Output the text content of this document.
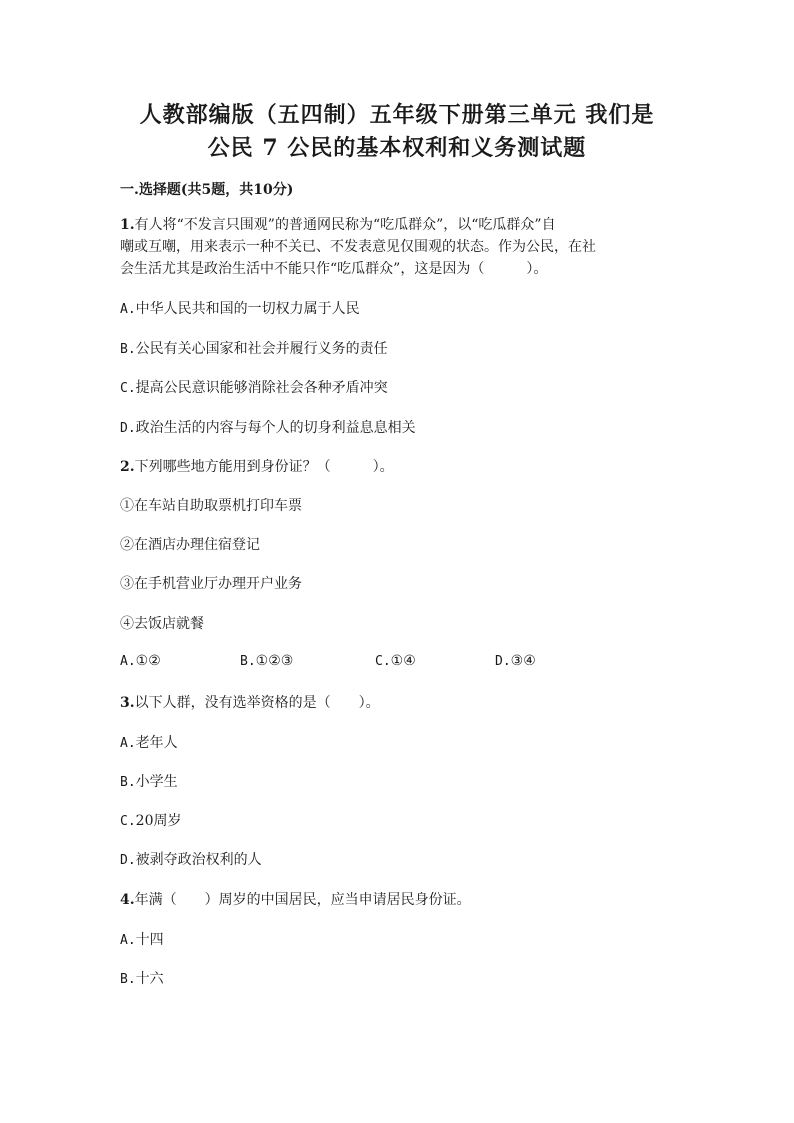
人教部编版（五四制）五年级下册第三单元 我们是
公民 7 公民的基本权利和义务测试题

一.选择题(共5题，共10分)

1.有人将“不发言只围观”的普通网民称为“吃瓜群众”，以“吃瓜群众”自
嘲或互嘲，用来表示一种不关已、不发表意见仅围观的状态。作为公民，在社
会生活尤其是政治生活中不能只作“吃瓜群众”，这是因为（　　　）。

A.中华人民共和国的一切权力属于人民

B.公民有关心国家和社会并履行义务的责任

C.提高公民意识能够消除社会各种矛盾冲突

D.政治生活的内容与每个人的切身利益息息相关

2.下列哪些地方能用到身份证？（　　　）。

①在车站自助取票机打印车票

②在酒店办理住宿登记

③在手机营业厅办理开户业务

④去饭店就餐

A.①②	B.①②③	C.①④	D.③④

3.以下人群，没有选举资格的是（　　）。

A.老年人

B.小学生

C.20周岁

D.被剥夺政治权利的人

4.年满（　　）周岁的中国居民，应当申请居民身份证。

A.十四

B.十六
